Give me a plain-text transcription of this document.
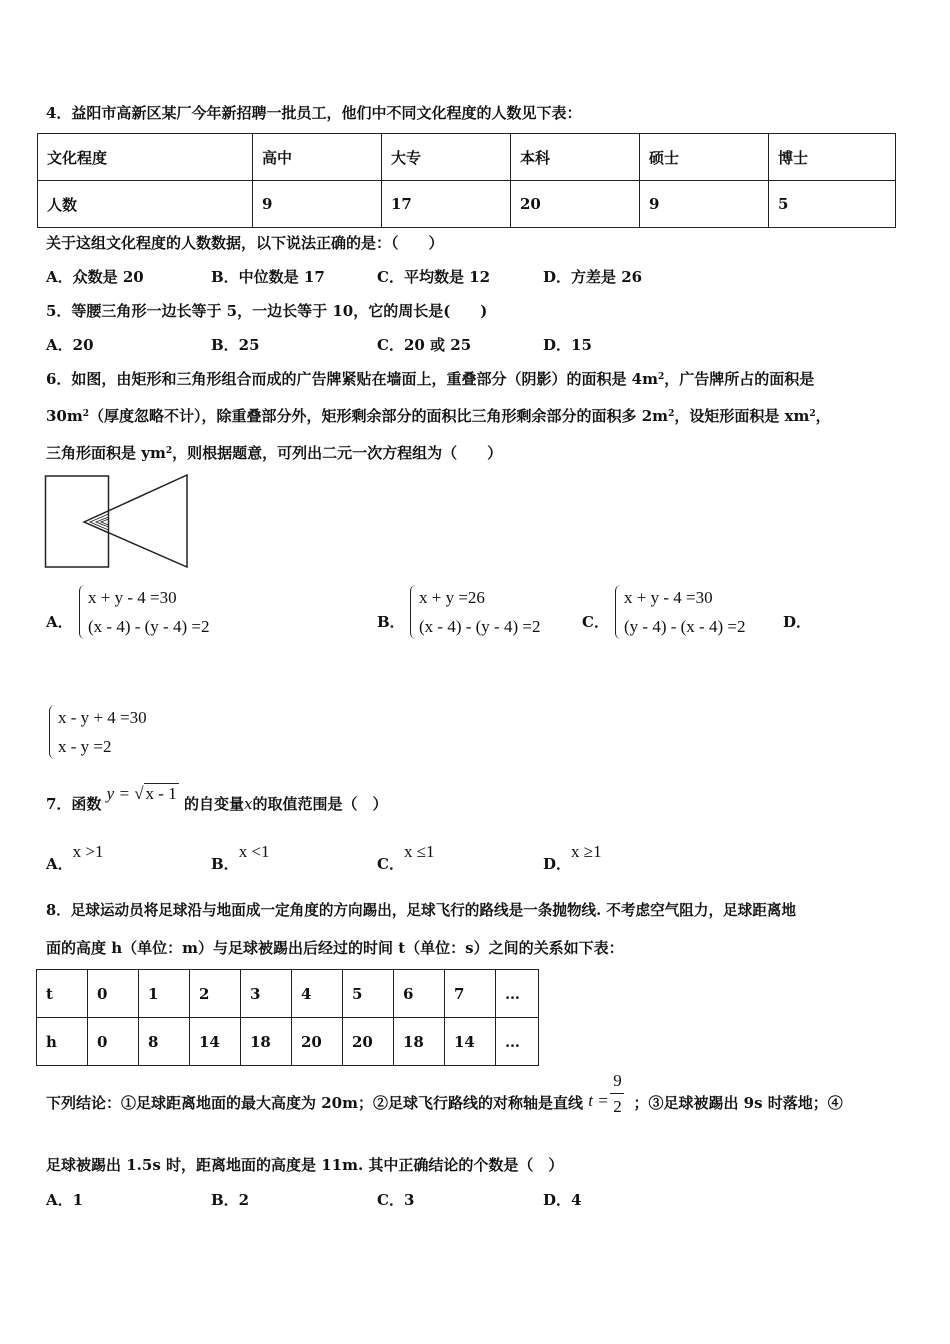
4．益阳市高新区某厂今年新招聘一批员工，他们中不同文化程度的人数见下表：
文化程度	高中	大专	本科	硕士	博士
人数	9	17	20	9	5
关于这组文化程度的人数数据，以下说法正确的是：（　　）
A．众数是 20	B．中位数是 17	C．平均数是 12	D．方差是 26
5．等腰三角形一边长等于 5，一边长等于 10，它的周长是(　　)
A．20	B．25	C．20 或 25	D．15
6．如图，由矩形和三角形组合而成的广告牌紧贴在墙面上，重叠部分（阴影）的面积是 $4m^2$，广告牌所占的面积是
$30m^2$（厚度忽略不计），除重叠部分外，矩形剩余部分的面积比三角形剩余部分的面积多 $2m^2$，设矩形面积是 $xm^2$，
三角形面积是 $ym^2$，则根据题意，可列出二元一次方程组为（　　）
A．
x + y - 4 =30
(x - 4) - (y - 4) =2	B．
x + y =26
(x - 4) - (y - 4) =2	C．
x + y - 4 =30
(y - 4) - (x - 4) =2	D．
x - y + 4 =30
x - y =2
7．函数 y = √ x - 1 的自变量x的取值范围是（　）
A．x >1
B．x <1
C．x ≤1
D．x ≥1
8．足球运动员将足球沿与地面成一定角度的方向踢出，足球飞行的路线是一条抛物线. 不考虑空气阻力，足球距离地
面的高度 h（单位：m）与足球被踢出后经过的时间 t（单位：s）之间的关系如下表：
t	0	1	2	3	4	5	6	7	…
h	0	8	14	18	20	20	18	14	…
下列结论：①足球距离地面的最大高度为 20m；②足球飞行路线的对称轴是直线 t =
9
2 ；③足球被踢出 9s 时落地；④
足球被踢出 1.5s 时，距离地面的高度是 11m. 其中正确结论的个数是（　）
A．1	B．2	C．3	D．4
